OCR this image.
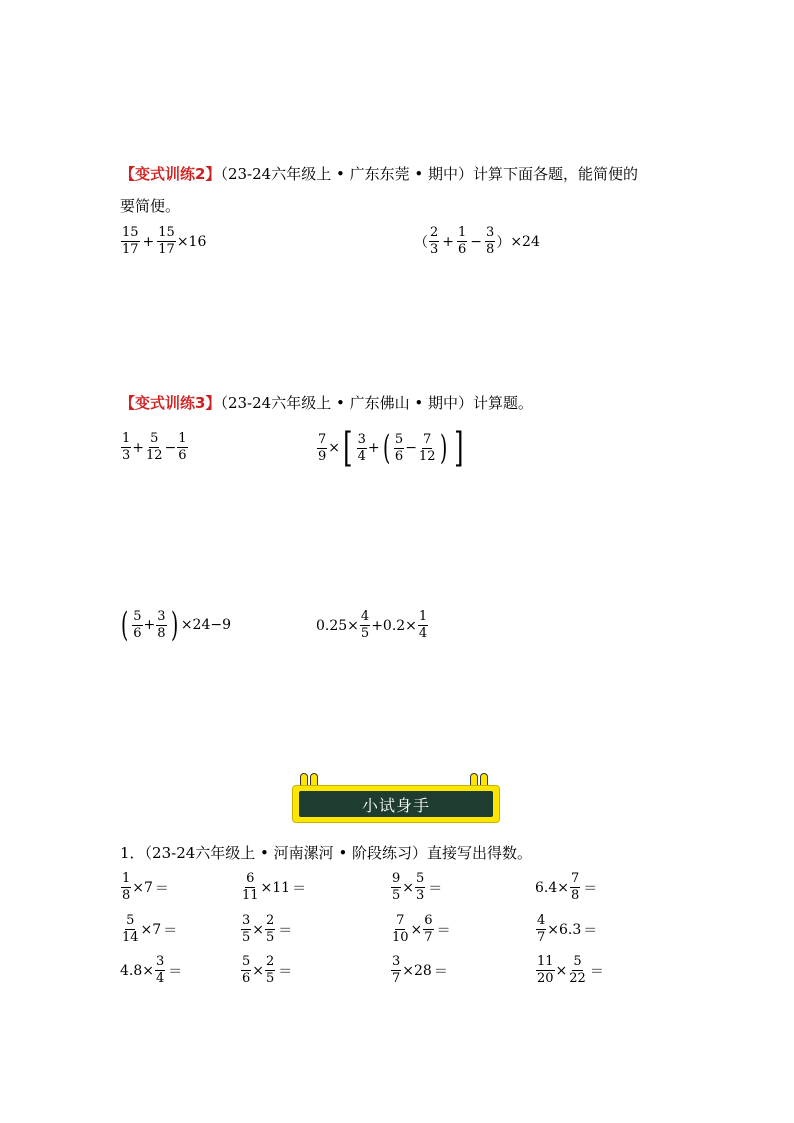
【变式训练2】（23-24六年级上 • 广东东莞 • 期中）计算下面各题，能简便的
要简便。
$\frac{15}{17} + \frac{15}{17} \times 16$	（ $\frac{2}{3} + \frac{1}{6} - \frac{3}{8}$ ） ×24
【变式训练3】（23-24六年级上 • 广东佛山 • 期中）计算题。
$\frac{1}{3} + \frac{5}{12} - \frac{1}{6}$	$\frac{7}{9}$ × [ $\frac{3}{4}$ + ( $\frac{5}{6} - \frac{7}{12}$ ) ]
( $\frac{5}{6} + \frac{3}{8}$ ) ×24−9	$0.25\times \frac{4}{5} +0.2\times \frac{1}{4}$
小试身手
1．（23-24六年级上 • 河南漯河 • 阶段练习）直接写出得数。
$\frac{1}{8} \times 7$ ＝	$\frac{6}{11} \times 11$ ＝	$\frac{9}{5} \times \frac{5}{3}$ ＝	$6.4\times \frac{7}{8}$ ＝
$\frac{5}{14} \times 7$ ＝	$\frac{3}{5} \times \frac{2}{5}$ ＝	$\frac{7}{10} \times \frac{6}{7}$ ＝	$\frac{4}{7} \times 6.3$ ＝
$4.8\times \frac{3}{4}$ ＝	$\frac{5}{6} \times \frac{2}{5}$ ＝	$\frac{3}{7} \times 28$ ＝	$\frac{11}{20} \times \frac{5}{22}$ ＝
